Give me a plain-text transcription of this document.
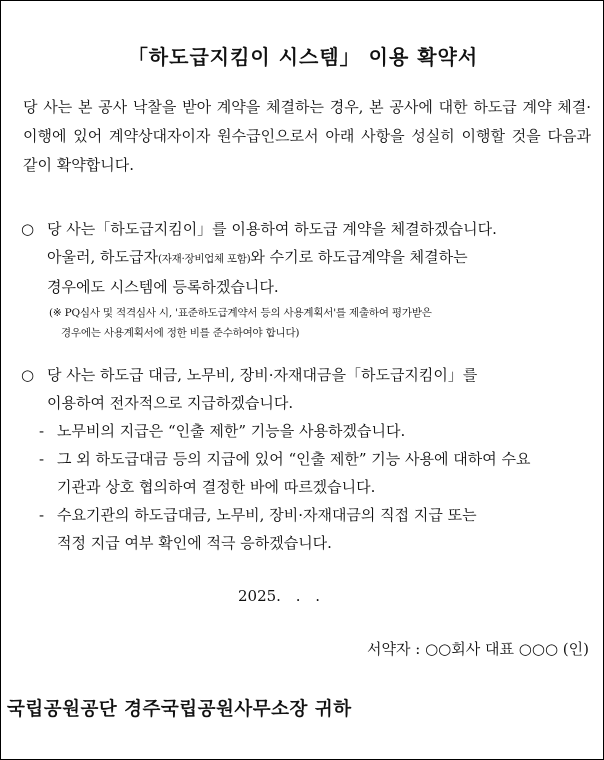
「하도급지킴이 시스템」 이용 확약서
당 사는 본 공사 낙찰을 받아 계약을 체결하는 경우, 본 공사에 대한 하도급 계약 체결·이행에 있어 계약상대자이자 원수급인으로서 아래 사항을 성실히 이행할 것을 다음과 같이 확약합니다.
○ 당 사는「하도급지킴이」를 이용하여 하도급 계약을 체결하겠습니다.
아울러, 하도급자(자재·장비업체 포함)와 수기로 하도급계약을 체결하는
경우에도 시스템에 등록하겠습니다.
(※ PQ심사 및 적격심사 시, '표준하도급계약서 등의 사용계획서'를 제출하여 평가받은
경우에는 사용계획서에 정한 비를 준수하여야 합니다)
○ 당 사는 하도급 대금, 노무비, 장비·자재대금을「하도급지킴이」를
이용하여 전자적으로 지급하겠습니다.
- 노무비의 지급은 “인출 제한” 기능을 사용하겠습니다.
- 그 외 하도급대금 등의 지급에 있어 “인출 제한” 기능 사용에 대하여 수요
기관과 상호 협의하여 결정한 바에 따르겠습니다.
- 수요기관의 하도급대금, 노무비, 장비·자재대금의 직접 지급 또는
적정 지급 여부 확인에 적극 응하겠습니다.
2025. . .
서약자 : ○○회사 대표 ○○○ (인)
국립공원공단 경주국립공원사무소장 귀하
